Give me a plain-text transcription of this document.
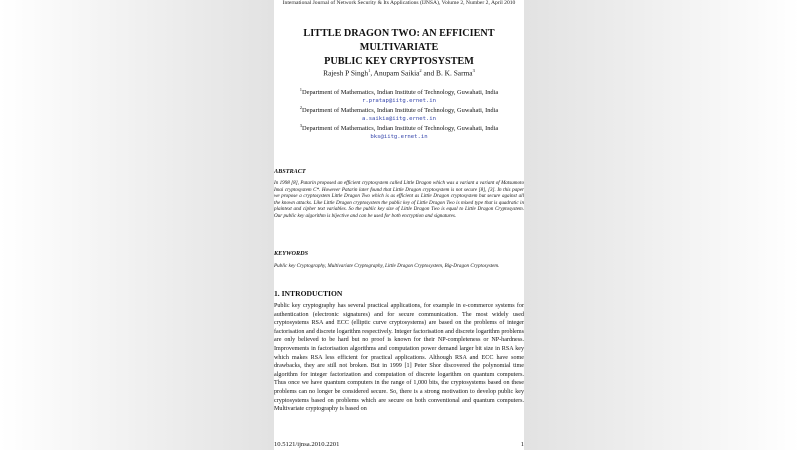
International Journal of Network Security & Its Applications (IJNSA), Volume 2, Number 2, April 2010
LITTLE DRAGON TWO: AN EFFICIENT MULTIVARIATE
PUBLIC KEY CRYPTOSYSTEM
Rajesh P Singh$^1$, Anupam Saikia$^2$ and B. K. Sarma$^3$
$^1$Department of Mathematics, Indian Institute of Technology, Guwahati, India
r.pratap@iitg.ernet.in
$^2$Department of Mathematics, Indian Institute of Technology, Guwahati, India
a.saikia@iitg.ernet.in
$^3$Department of Mathematics, Indian Institute of Technology, Guwahati, India
bks@iitg.ernet.in
ABSTRACT
In 1998 [8], Patarin proposed an efficient cryptosystem called Little Dragon which was a variant a variant of Matsumoto Imai cryptosystem C*. However Patarin later found that Little Dragon cryptosystem is not secure [8], [3]. In this paper we propose a cryptosystem Little Dragon Two which is as efficient as Little Dragon cryptosystem but secure against all the known attacks. Like Little Dragon cryptosystem the public key of Little Dragon Two is mixed type that is quadratic in plaintext and cipher text variables. So the public key size of Little Dragon Two is equal to Little Dragon Cryptosystem. Our public key algorithm is bijective and can be used for both encryption and signatures.
KEYWORDS
Public key Cryptography, Multivariate Cryptography, Little Dragon Cryptosystem, Big-Dragon Cryptosystem.
1. INTRODUCTION
Public key cryptography has several practical applications, for example in e-commerce systems for authentication (electronic signatures) and for secure communication. The most widely used cryptosystems RSA and ECC (elliptic curve cryptosystems) are based on the problems of integer factorisation and discrete logarithm respectively. Integer factorisation and discrete logarithm problems are only believed to be hard but no proof is known for their NP-completeness or NP-hardness. Improvements in factorisation algorithms and computation power demand larger bit size in RSA key which makes RSA less efficient for practical applications. Although RSA and ECC have some drawbacks, they are still not broken. But in 1999 [1] Peter Shor discovered the polynomial time algorithm for integer factorization and computation of discrete logarithm on quantum computers. Thus once we have quantum computers in the range of 1,000 bits, the cryptosystems based on these problems can no longer be considered secure. So, there is a strong motivation to develop public key cryptosystems based on problems which are secure on both conventional and quantum computers. Multivariate cryptography is based on
10.5121/ijnsa.2010.2201	1
